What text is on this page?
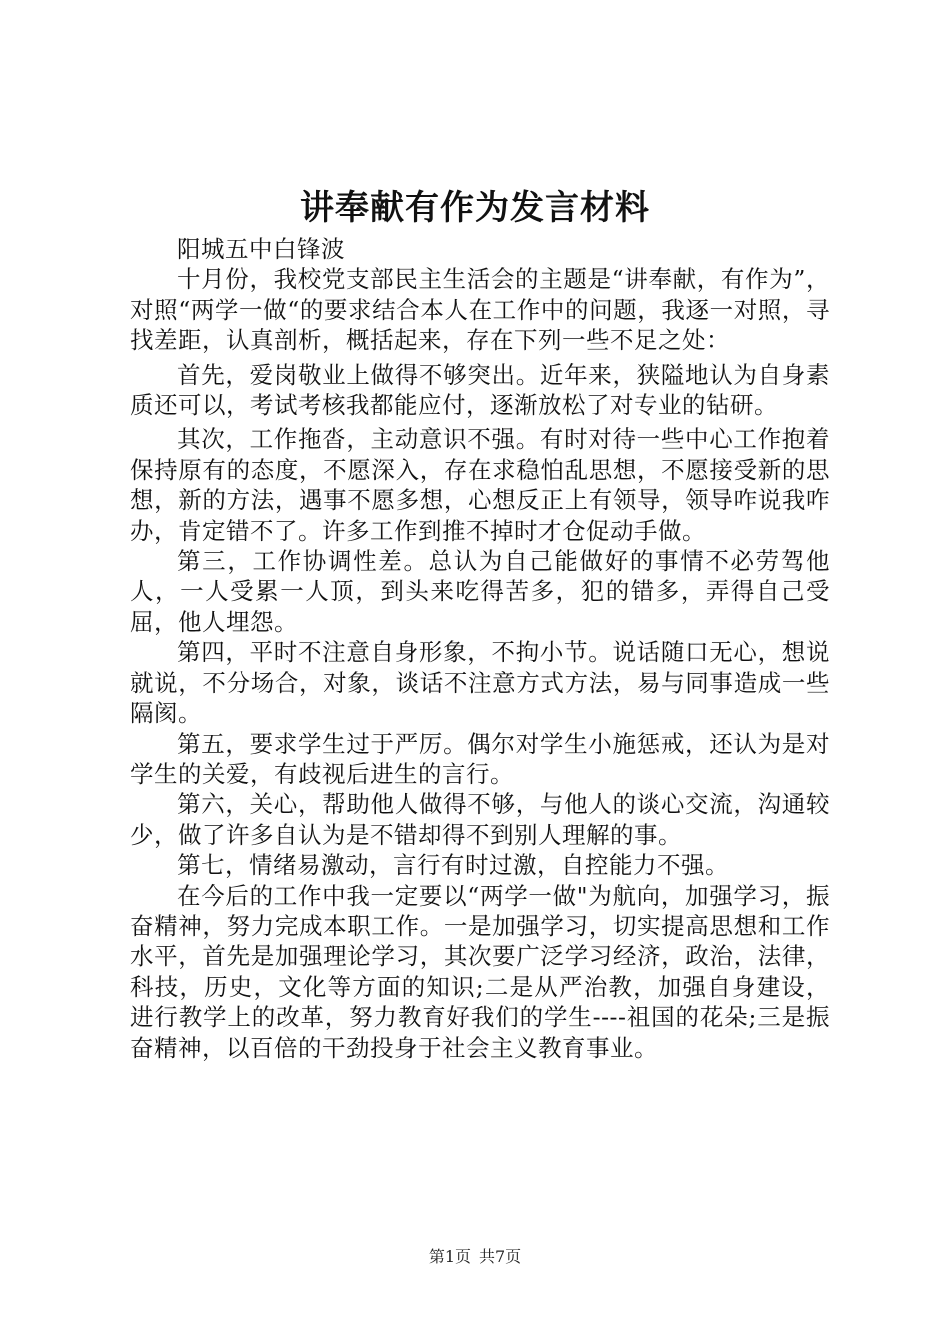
讲奉献有作为发言材料

阳城五中白锋波

十月份，我校党支部民主生活会的主题是“讲奉献，有作为”，对照“两学一做“的要求结合本人在工作中的问题，我逐一对照，寻找差距，认真剖析，概括起来，存在下列一些不足之处：

首先，爱岗敬业上做得不够突出。近年来，狭隘地认为自身素质还可以，考试考核我都能应付，逐渐放松了对专业的钻研。

其次，工作拖沓，主动意识不强。有时对待一些中心工作抱着保持原有的态度，不愿深入，存在求稳怕乱思想，不愿接受新的思想，新的方法，遇事不愿多想，心想反正上有领导，领导咋说我咋办，肯定错不了。许多工作到推不掉时才仓促动手做。

第三，工作协调性差。总认为自己能做好的事情不必劳驾他人，一人受累一人顶，到头来吃得苦多，犯的错多，弄得自己受屈，他人埋怨。

第四，平时不注意自身形象，不拘小节。说话随口无心，想说就说，不分场合，对象，谈话不注意方式方法，易与同事造成一些隔阂。

第五，要求学生过于严厉。偶尔对学生小施惩戒，还认为是对学生的关爱，有歧视后进生的言行。

第六，关心，帮助他人做得不够，与他人的谈心交流，沟通较少，做了许多自认为是不错却得不到别人理解的事。

第七，情绪易激动，言行有时过激，自控能力不强。

在今后的工作中我一定要以“两学一做"为航向，加强学习，振奋精神，努力完成本职工作。一是加强学习，切实提高思想和工作水平，首先是加强理论学习，其次要广泛学习经济，政治，法律，科技，历史，文化等方面的知识;二是从严治教，加强自身建设，进行教学上的改革，努力教育好我们的学生----祖国的花朵;三是振奋精神，以百倍的干劲投身于社会主义教育事业。

第1页 共7页
